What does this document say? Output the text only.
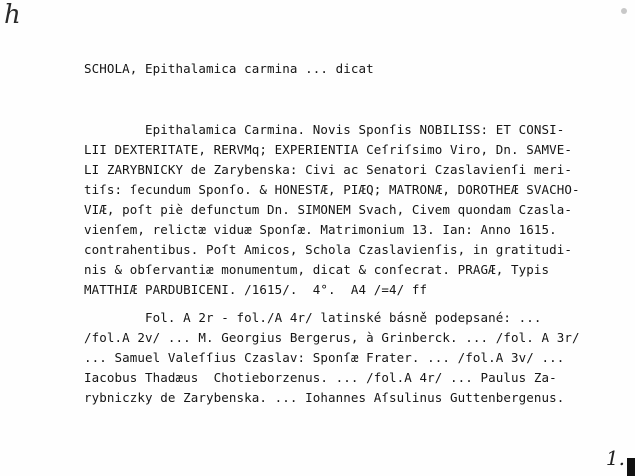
h
SCHOLA, Epithalamica carmina ... dicat
Epithalamica Carmina. Novis Sponſis NOBILISS: ET CONSI-
LII DEXTERITATE, RERVMq; EXPERIENTIA Ceſriſsimo Viro, Dn. SAMVE-
LI ZARYBNICKY de Zarybenska: Civi ac Senatori Czaslavienſi meri-
tiſs: ſecundum Sponſo. & HONESTÆ, PIÆQ; MATRONÆ, DOROTHEÆ SVACHO-
VIÆ, poſt piè defunctum Dn. SIMONEM Svach, Civem quondam Czasla-
vienſem, relictæ viduæ Sponſæ. Matrimonium 13. Ian: Anno 1615.
contrahentibus. Poſt Amicos, Schola Czaslavienſis, in gratitudi-
nis & obſervantiæ monumentum, dicat & conſecrat. PRAGÆ, Typis
MATTHIÆ PARDUBICENI. /1615/.  4°.  A4 /=4/ ff
Fol. A 2r - fol./A 4r/ latinské básně podepsané: ...
/fol.A 2v/ ... M. Georgius Bergerus, à Grinberck. ... /fol. A 3r/
... Samuel Valeſſius Czaslav: Sponſæ Frater. ... /fol.A 3v/ ...
Iacobus Thadæus  Chotieborzenus. ... /fol.A 4r/ ... Paulus Za-
rybniczky de Zarybenska. ... Iohannes Aſsulinus Guttenbergenus.
1.
